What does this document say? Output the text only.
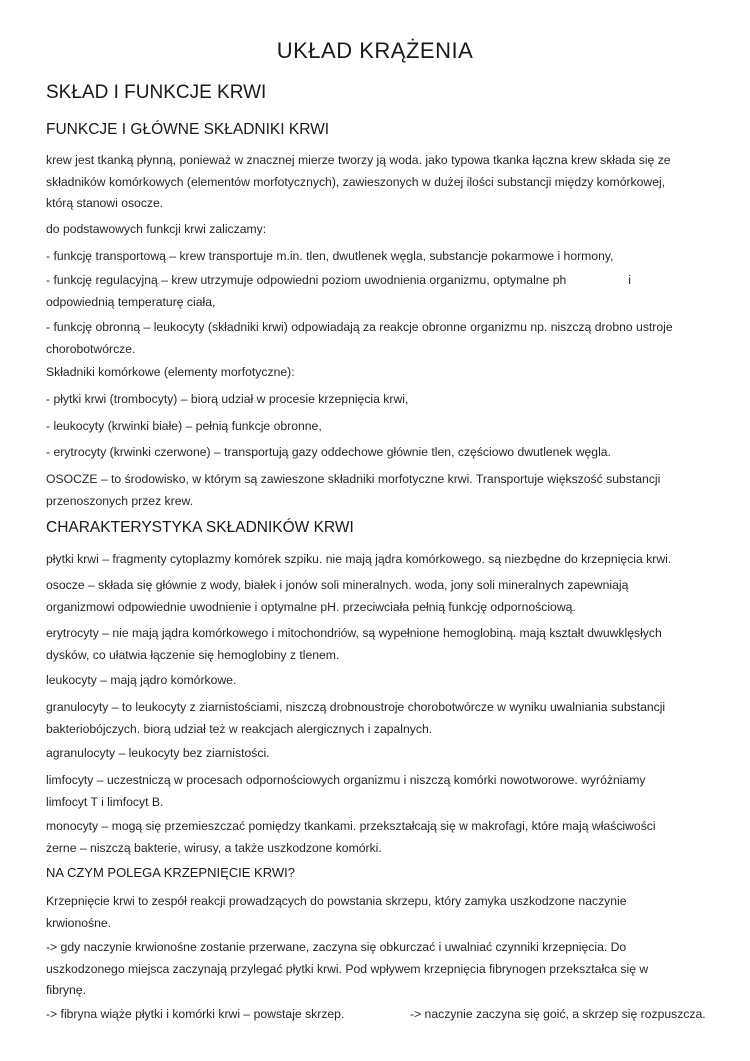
UKŁAD KRĄŻENIA
SKŁAD I FUNKCJE KRWI
FUNKCJE I GŁÓWNE SKŁADNIKI KRWI
krew jest tkanką płynną, ponieważ w znacznej mierze tworzy ją woda. jako typowa tkanka łączna krew składa się ze
składników komórkowych (elementów morfotycznych), zawieszonych w dużej ilości substancji między komórkowej,
którą stanowi osocze.
do podstawowych funkcji krwi zaliczamy:
- funkcję transportową – krew transportuje m.in. tlen, dwutlenek węgla, substancje pokarmowe i hormony,
- funkcję regulacyjną – krew utrzymuje odpowiedni poziom uwodnienia organizmu, optymalne ph	i
odpowiednią temperaturę ciała,
- funkcję obronną – leukocyty (składniki krwi) odpowiadają za reakcje obronne organizmu np. niszczą drobno ustroje
chorobotwórcze.
Składniki komórkowe (elementy morfotyczne):
- płytki krwi (trombocyty) – biorą udział w procesie krzepnięcia krwi,
- leukocyty (krwinki białe) – pełnią funkcje obronne,
- erytrocyty (krwinki czerwone) – transportują gazy oddechowe głównie tlen, częściowo dwutlenek węgla.
OSOCZE – to środowisko, w którym są zawieszone składniki morfotyczne krwi. Transportuje większość substancji
przenoszonych przez krew.
CHARAKTERYSTYKA SKŁADNIKÓW KRWI
płytki krwi – fragmenty cytoplazmy komórek szpiku. nie mają jądra komórkowego. są niezbędne do krzepnięcia krwi.
osocze – składa się głównie z wody, białek i jonów soli mineralnych. woda, jony soli mineralnych zapewniają
organizmowi odpowiednie uwodnienie i optymalne pH. przeciwciała pełnią funkcję odpornościową.
erytrocyty – nie mają jądra komórkowego i mitochondriów, są wypełnione hemoglobiną. mają kształt dwuwklęsłych
dysków, co ułatwia łączenie się hemoglobiny z tlenem.
leukocyty – mają jądro komórkowe.
granulocyty – to leukocyty z ziarnistościami, niszczą drobnoustroje chorobotwórcze w wyniku uwalniania substancji
bakteriobójczych. biorą udział też w reakcjach alergicznych i zapalnych.
agranulocyty – leukocyty bez ziarnistości.
limfocyty – uczestniczą w procesach odpornościowych organizmu i niszczą komórki nowotworowe. wyróżniamy
limfocyt T i limfocyt B.
monocyty – mogą się przemieszczać pomiędzy tkankami. przekształcają się w makrofagi, które mają właściwości
żerne – niszczą bakterie, wirusy, a także uszkodzone komórki.
NA CZYM POLEGA KRZEPNIĘCIE KRWI?
Krzepnięcie krwi to zespół reakcji prowadzących do powstania skrzepu, który zamyka uszkodzone naczynie
krwionośne.
-> gdy naczynie krwionośne zostanie przerwane, zaczyna się obkurczać i uwalniać czynniki krzepnięcia. Do
uszkodzonego miejsca zaczynają przylegać płytki krwi. Pod wpływem krzepnięcia fibrynogen przekształca się w
fibrynę.
-> fibryna wiąże płytki i komórki krwi – powstaje skrzep.	-> naczynie zaczyna się goić, a skrzep się rozpuszcza.
